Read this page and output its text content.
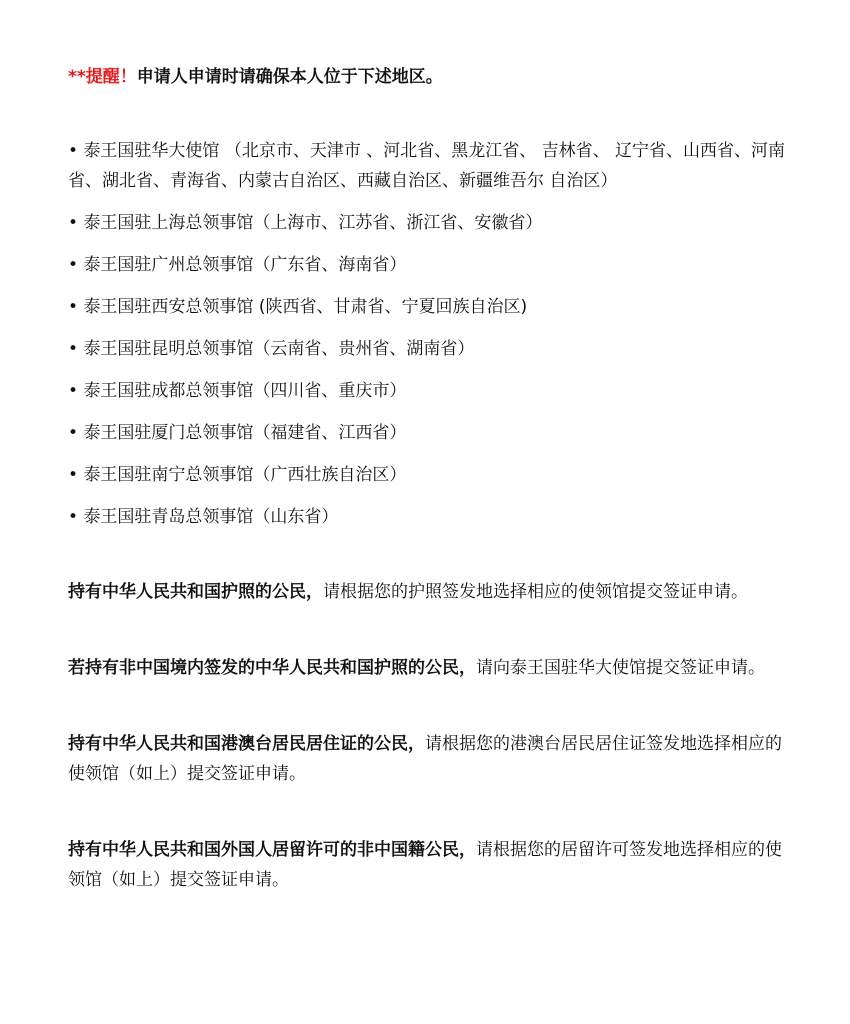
**提醒！申请人申请时请确保本人位于下述地区。

• 泰王国驻华大使馆 （北京市、天津市 、河北省、黑龙江省、 吉林省、 辽宁省、山西省、河南省、湖北省、青海省、内蒙古自治区、西藏自治区、新疆维吾尔 自治区）
• 泰王国驻上海总领事馆（上海市、江苏省、浙江省、安徽省）
• 泰王国驻广州总领事馆（广东省、海南省）
• 泰王国驻西安总领事馆 (陕西省、甘肃省、宁夏回族自治区)
• 泰王国驻昆明总领事馆（云南省、贵州省、湖南省）
• 泰王国驻成都总领事馆（四川省、重庆市）
• 泰王国驻厦门总领事馆（福建省、江西省）
• 泰王国驻南宁总领事馆（广西壮族自治区）
• 泰王国驻青岛总领事馆（山东省）

持有中华人民共和国护照的公民，请根据您的护照签发地选择相应的使领馆提交签证申请。

若持有非中国境内签发的中华人民共和国护照的公民，请向泰王国驻华大使馆提交签证申请。

持有中华人民共和国港澳台居民居住证的公民，请根据您的港澳台居民居住证签发地选择相应的使领馆（如上）提交签证申请。

持有中华人民共和国外国人居留许可的非中国籍公民，请根据您的居留许可签发地选择相应的使领馆（如上）提交签证申请。
